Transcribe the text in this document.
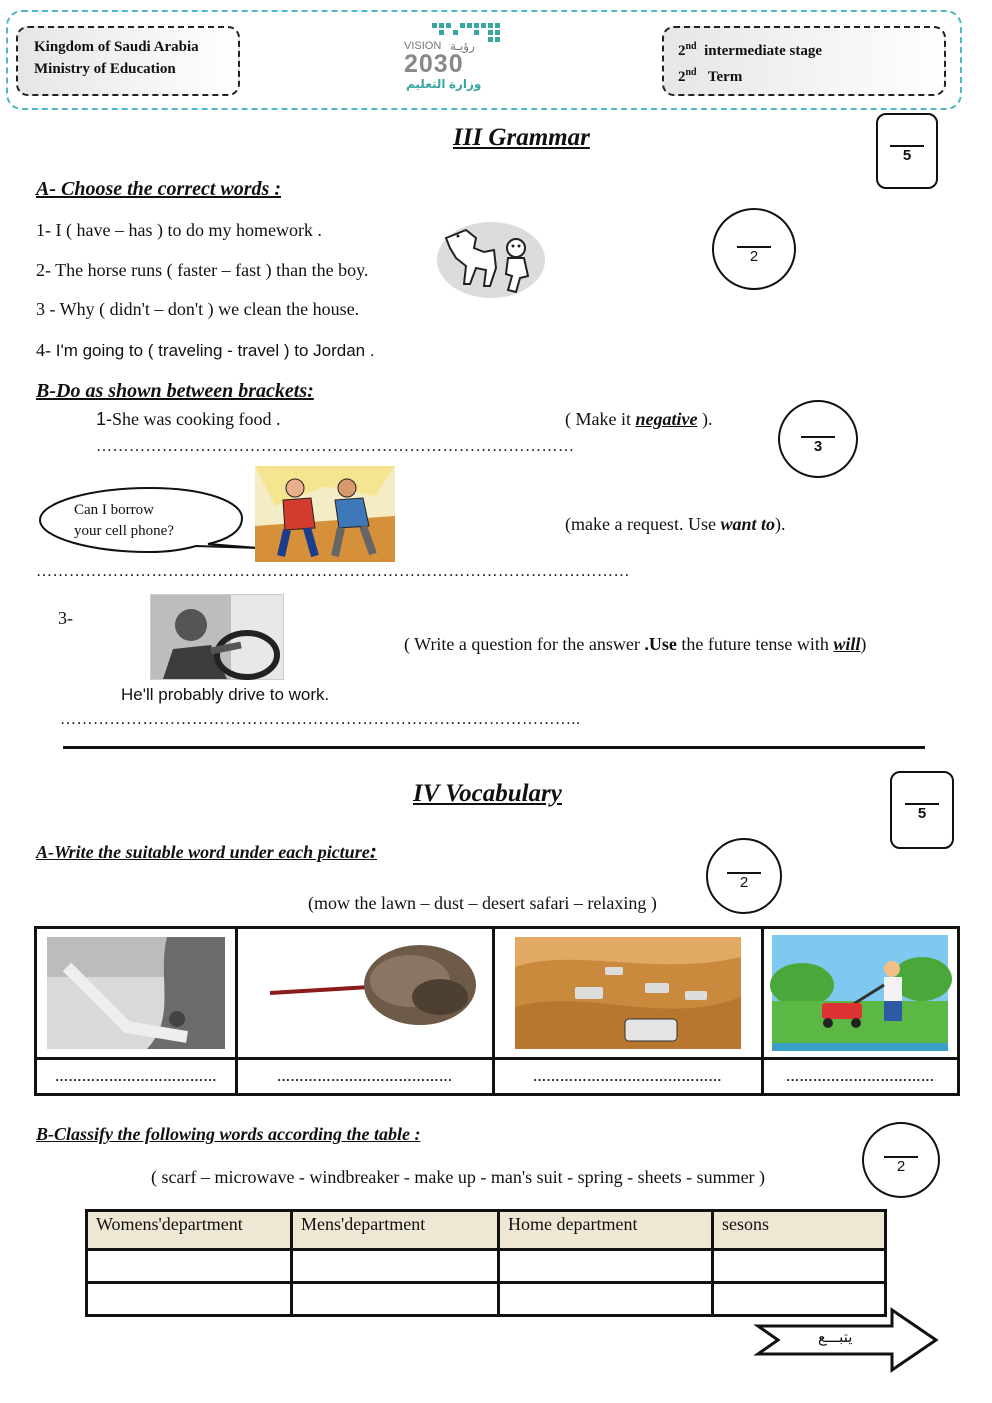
Kingdom of Saudi Arabia
Ministry of Education
VISION رؤيـة
2030
وزارة التعليم
2nd intermediate stage
2nd Term
III Grammar
5
A- Choose the correct words :
1- I ( have – has ) to do my homework .
2- The horse runs ( faster – fast ) than the boy.
3 - Why ( didn't – don't ) we clean the house.
4- I'm going to ( traveling - travel ) to Jordan .
2
B-Do as shown between brackets:
1-She was cooking food .	( Make it negative ).
……………………………………………………………………………	3
Can I borrow
your cell phone?	(make a request. Use want to).
………………………………………………………………………………………………
3-
( Write a question for the answer .Use the future tense with will)
He'll probably drive to work.
…………………………………………………………………………………..
IV Vocabulary
5
A-Write the suitable word under each picture:
2
(mow the lawn – dust – desert safari – relaxing )

………………………………	…………………………………	……………………………………	……………………………
B-Classify the following words according the table :
2
( scarf – microwave - windbreaker - make up - man's suit - spring - sheets - summer )
Womens'department	Mens'department	Home department	sesons

يتبـــع
